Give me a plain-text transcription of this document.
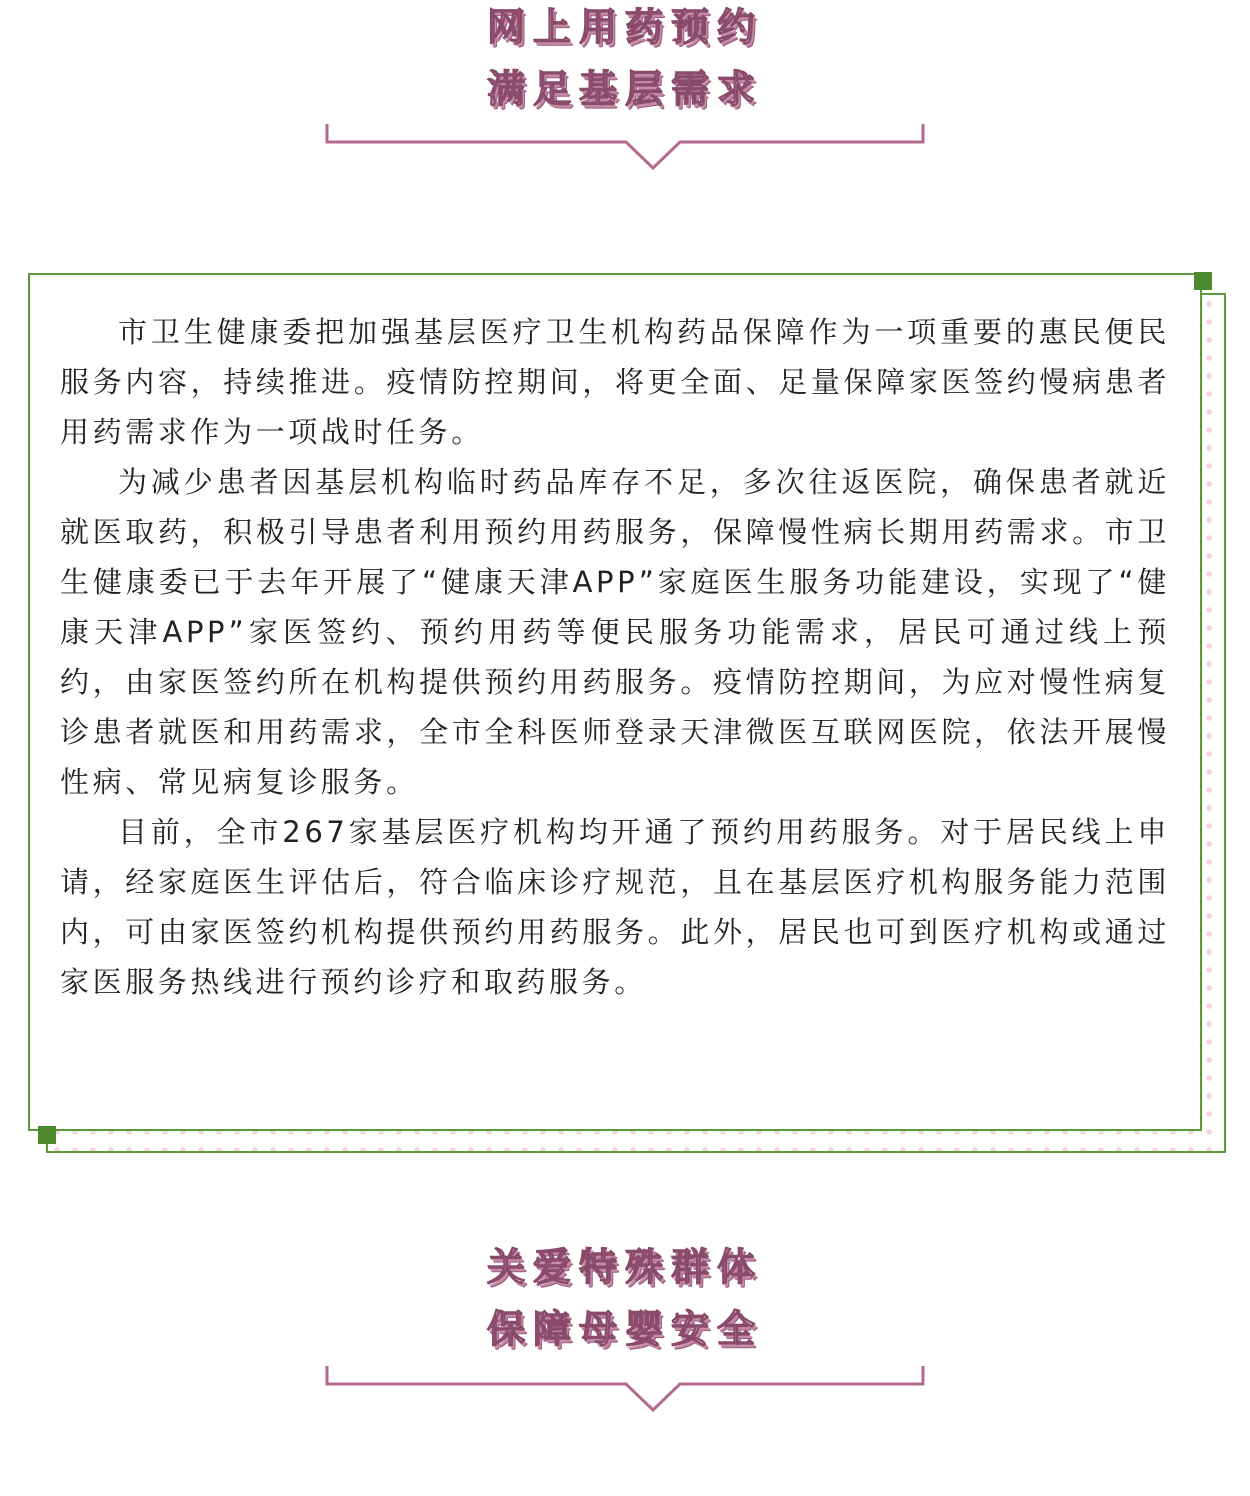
网上用药预约
满足基层需求

市卫生健康委把加强基层医疗卫生机构药品保障作为一项重要的惠民便民服务内容，持续推进。疫情防控期间，将更全面、足量保障家医签约慢病患者用药需求作为一项战时任务。

为减少患者因基层机构临时药品库存不足，多次往返医院，确保患者就近就医取药，积极引导患者利用预约用药服务，保障慢性病长期用药需求。市卫生健康委已于去年开展了“健康天津APP”家庭医生服务功能建设，实现了“健康天津APP”家医签约、预约用药等便民服务功能需求，居民可通过线上预约，由家医签约所在机构提供预约用药服务。疫情防控期间，为应对慢性病复诊患者就医和用药需求，全市全科医师登录天津微医互联网医院，依法开展慢性病、常见病复诊服务。

目前，全市267家基层医疗机构均开通了预约用药服务。对于居民线上申请，经家庭医生评估后，符合临床诊疗规范，且在基层医疗机构服务能力范围内，可由家医签约机构提供预约用药服务。此外，居民也可到医疗机构或通过家医服务热线进行预约诊疗和取药服务。

关爱特殊群体
保障母婴安全
